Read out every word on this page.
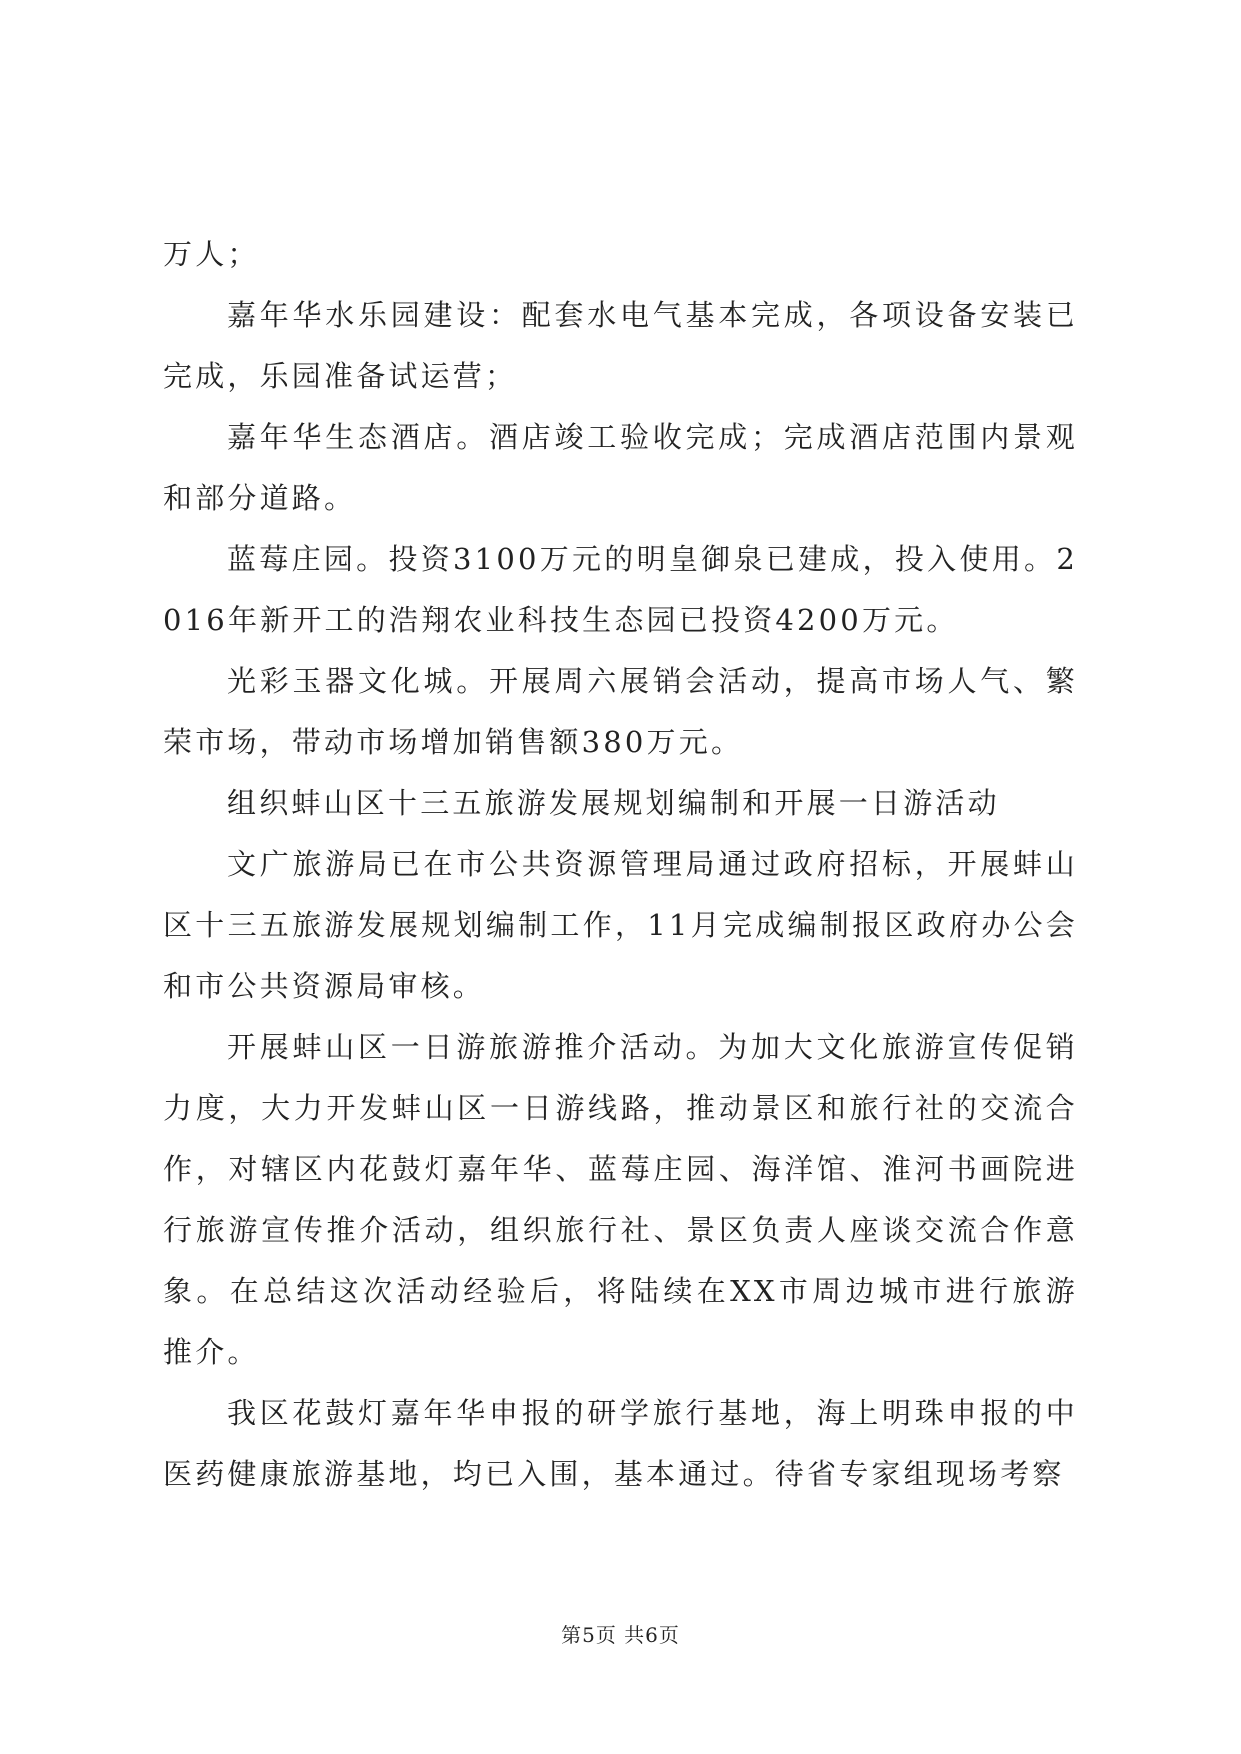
万人；

嘉年华水乐园建设：配套水电气基本完成，各项设备安装已完成，乐园准备试运营；

嘉年华生态酒店。酒店竣工验收完成；完成酒店范围内景观和部分道路。

蓝莓庄园。投资3100万元的明皇御泉已建成，投入使用。2016年新开工的浩翔农业科技生态园已投资4200万元。

光彩玉器文化城。开展周六展销会活动，提高市场人气、繁荣市场，带动市场增加销售额380万元。

组织蚌山区十三五旅游发展规划编制和开展一日游活动

文广旅游局已在市公共资源管理局通过政府招标，开展蚌山区十三五旅游发展规划编制工作，11月完成编制报区政府办公会和市公共资源局审核。

开展蚌山区一日游旅游推介活动。为加大文化旅游宣传促销力度，大力开发蚌山区一日游线路，推动景区和旅行社的交流合作，对辖区内花鼓灯嘉年华、蓝莓庄园、海洋馆、淮河书画院进行旅游宣传推介活动，组织旅行社、景区负责人座谈交流合作意象。在总结这次活动经验后，将陆续在XX市周边城市进行旅游推介。

我区花鼓灯嘉年华申报的研学旅行基地，海上明珠申报的中医药健康旅游基地，均已入围，基本通过。待省专家组现场考察

第5页 共6页
